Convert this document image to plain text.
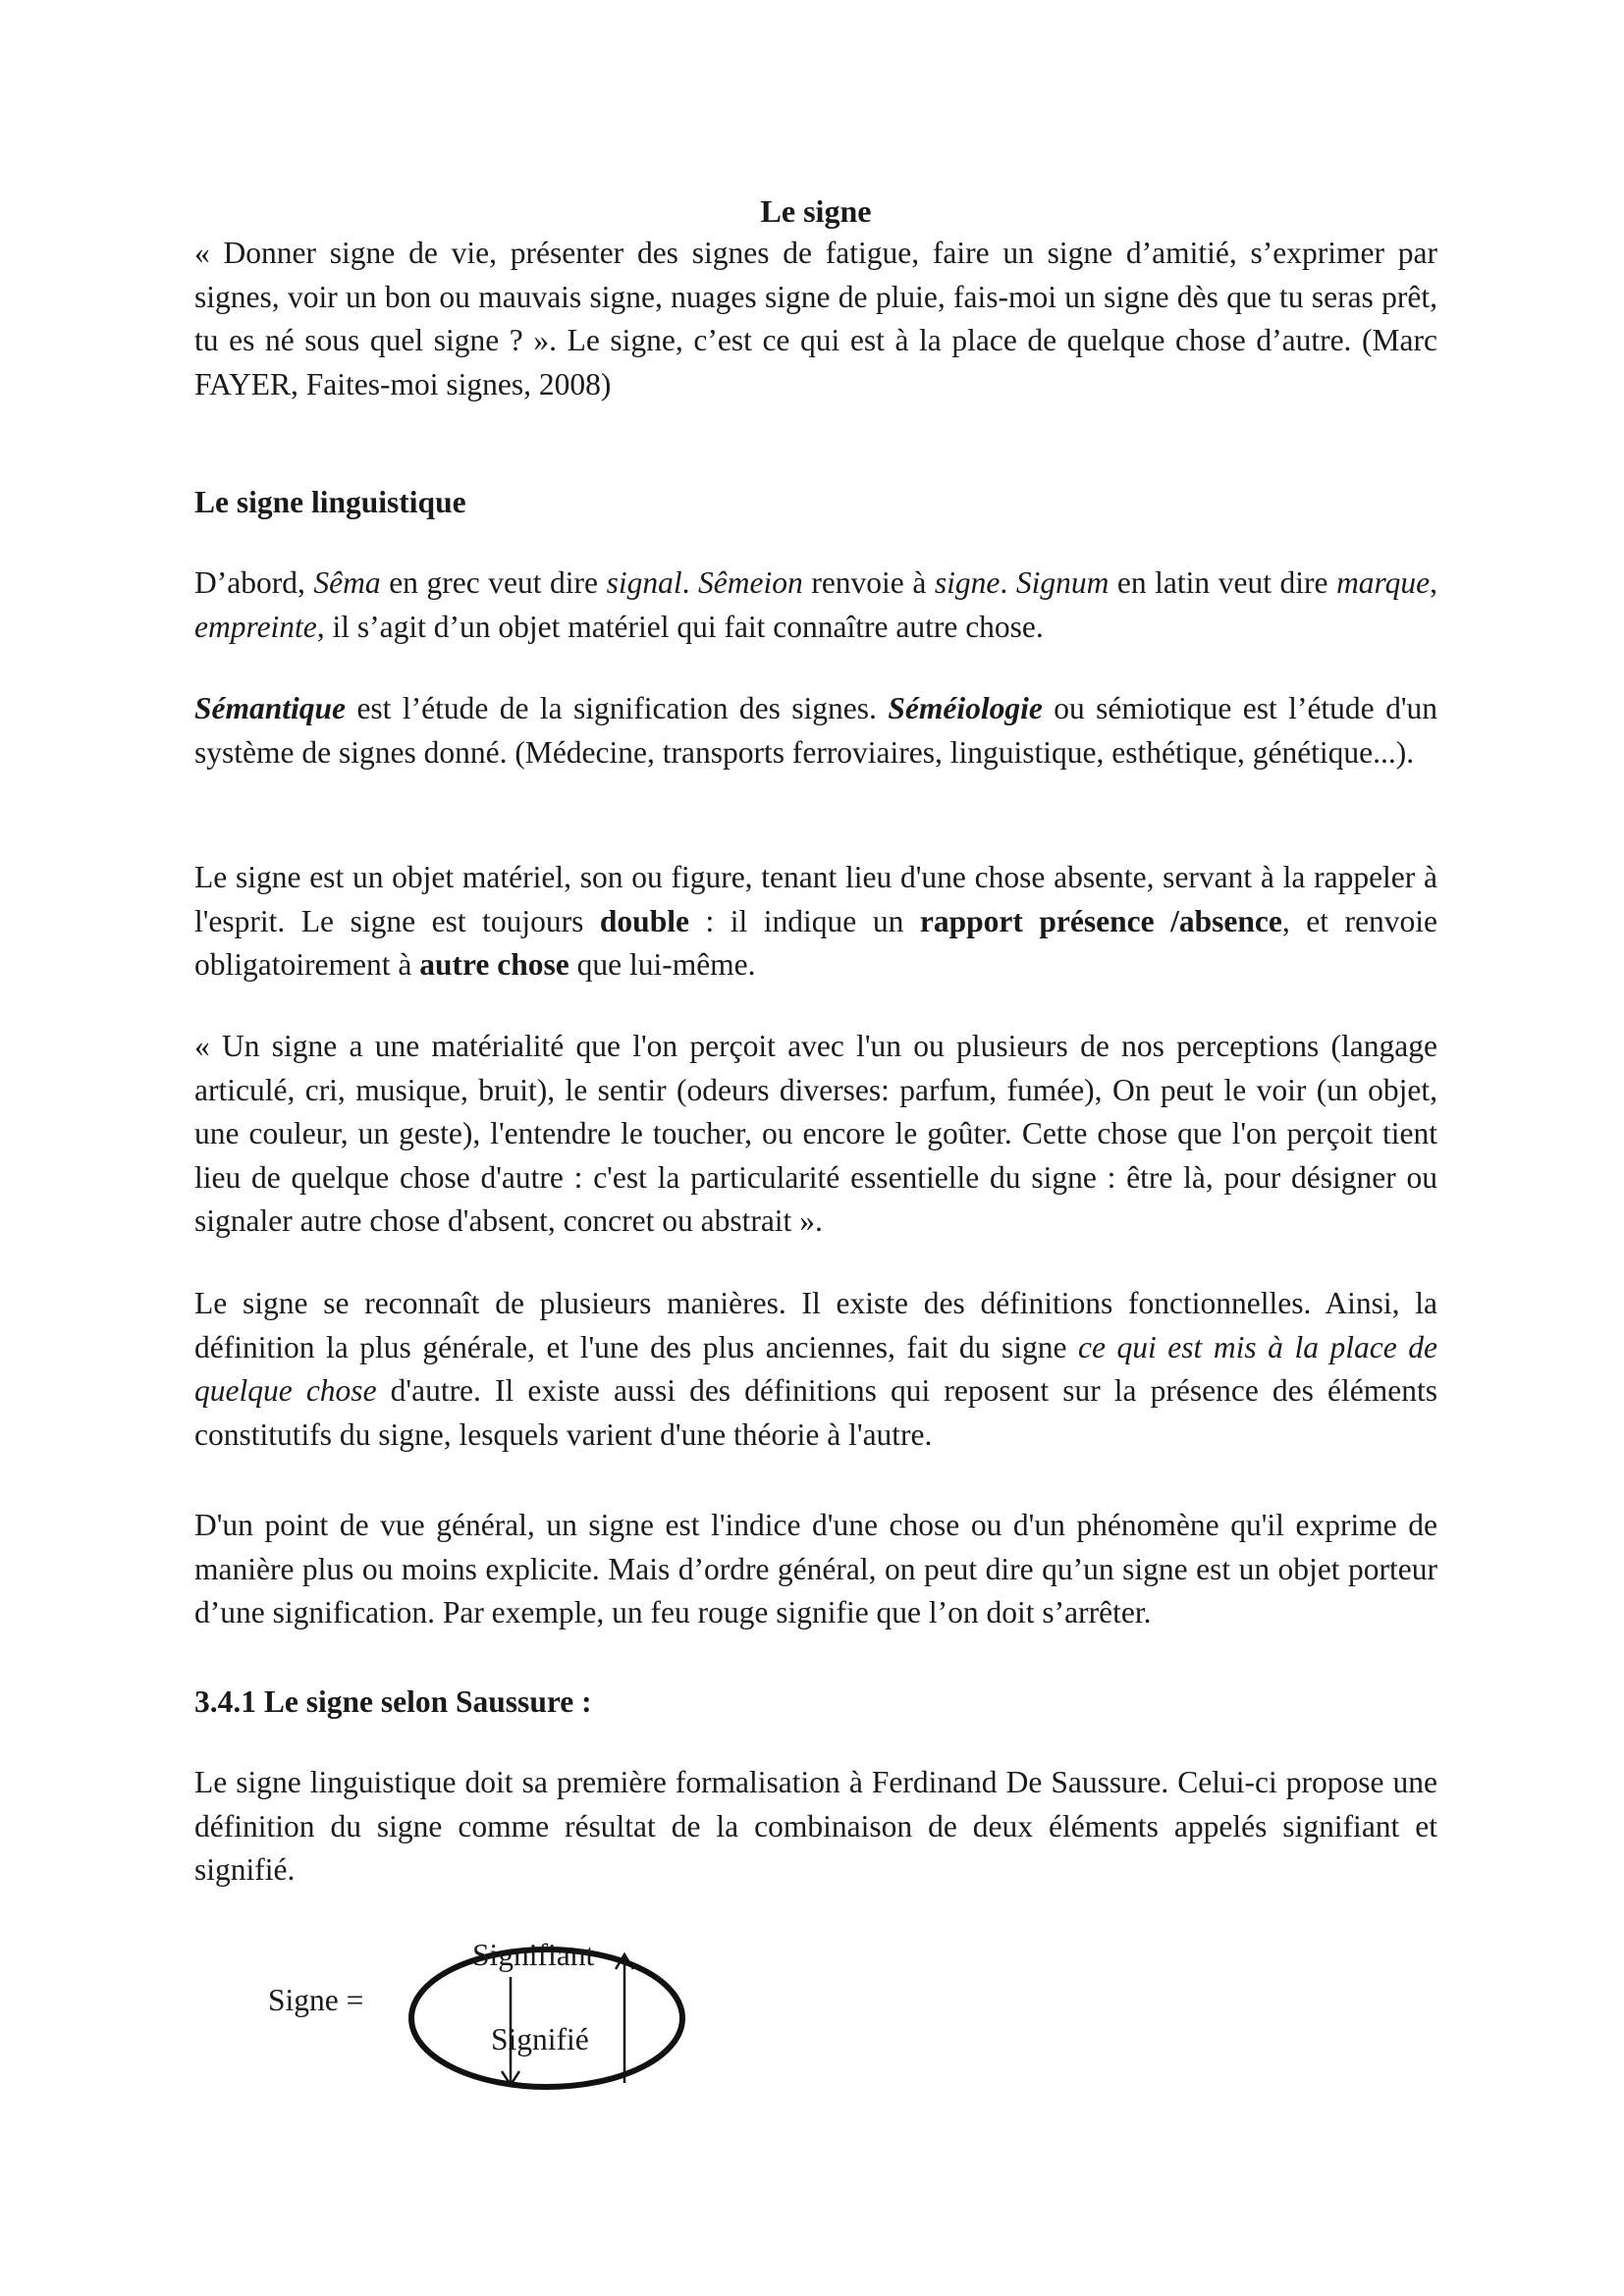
Le signe

« Donner signe de vie, présenter des signes de fatigue, faire un signe d’amitié, s’exprimer par signes, voir un bon ou mauvais signe, nuages signe de pluie, fais-moi un signe dès que tu seras prêt, tu es né sous quel signe ? ». Le signe, c’est ce qui est à la place de quelque chose d’autre. (Marc FAYER, Faites-moi signes, 2008)

Le signe linguistique

D’abord, Sêma en grec veut dire signal. Sêmeion renvoie à signe. Signum en latin veut dire marque, empreinte, il s’agit d’un objet matériel qui fait connaître autre chose.

Sémantique est l’étude de la signification des signes. Séméiologie ou sémiotique est l’étude d'un système de signes donné. (Médecine, transports ferroviaires, linguistique, esthétique, génétique...).

Le signe est un objet matériel, son ou figure, tenant lieu d'une chose absente, servant à la rappeler à l'esprit. Le signe est toujours double : il indique un rapport présence /absence, et renvoie obligatoirement à autre chose que lui-même.

« Un signe a une matérialité que l'on perçoit avec l'un ou plusieurs de nos perceptions (langage articulé, cri, musique, bruit), le sentir (odeurs diverses: parfum, fumée), On peut le voir (un objet, une couleur, un geste), l'entendre le toucher, ou encore le goûter. Cette chose que l'on perçoit tient lieu de quelque chose d'autre : c'est la particularité essentielle du signe : être là, pour désigner ou signaler autre chose d'absent, concret ou abstrait ».

Le signe se reconnaît de plusieurs manières. Il existe des définitions fonctionnelles. Ainsi, la définition la plus générale, et l'une des plus anciennes, fait du signe ce qui est mis à la place de quelque chose d'autre. Il existe aussi des définitions qui reposent sur la présence des éléments constitutifs du signe, lesquels varient d'une théorie à l'autre.

D'un point de vue général, un signe est l'indice d'une chose ou d'un phénomène qu'il exprime de manière plus ou moins explicite. Mais d’ordre général, on peut dire qu’un signe est un objet porteur d’une signification. Par exemple, un feu rouge signifie que l’on doit s’arrêter.

3.4.1 Le signe selon Saussure :

Le signe linguistique doit sa première formalisation à Ferdinand De Saussure. Celui-ci propose une définition du signe comme résultat de la combinaison de deux éléments appelés signifiant et signifié.

Signe =
Signifiant
Signifié
